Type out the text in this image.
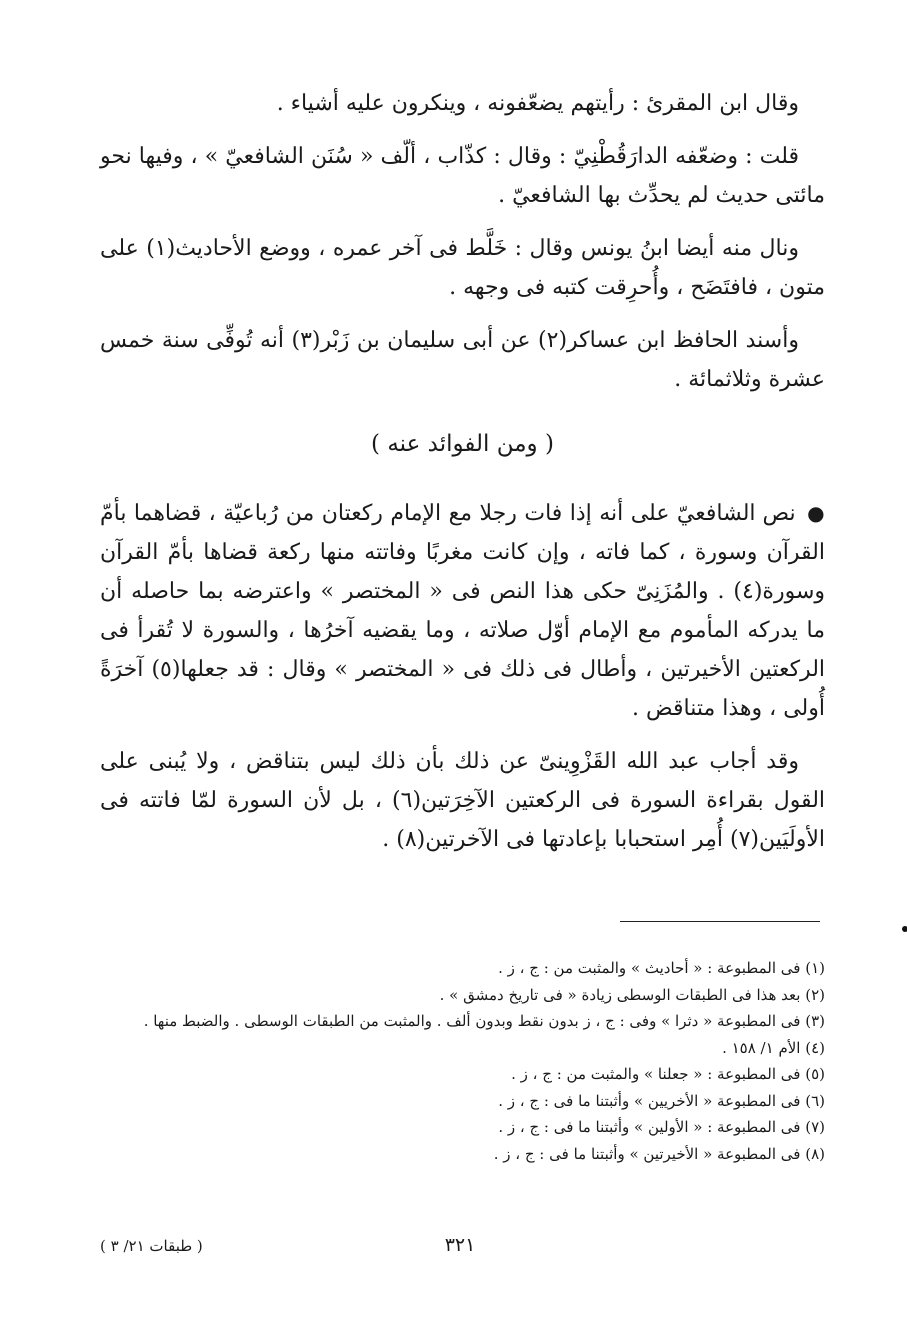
وقال ابن المقرئ : رأيتهم يضعّفونه ، وينكرون عليه أشياء .

قلت : وضعّفه الدارَقُطْنِيّ : وقال : كذّاب ، ألّف « سُنَن الشافعيّ » ، وفيها نحو مائتى حديث لم يحدِّث بها الشافعيّ .

ونال منه أيضا ابنُ يونس وقال : خَلَّط فى آخر عمره ، ووضع الأحاديث(١) على متون ، فافتَضَح ، وأُحرِقت كتبه فى وجهه .

وأسند الحافظ ابن عساكر(٢) عن أبى سليمان بن زَبْر(٣) أنه تُوفِّى سنة خمس عشرة وثلاثمائة .

( ومن الفوائد عنه )

● نص الشافعيّ على أنه إذا فات رجلا مع الإمام ركعتان من رُباعيّة ، قضاهما بأمّ القرآن وسورة ، كما فاته ، وإن كانت مغربًا وفاتته منها ركعة قضاها بأمّ القرآن وسورة(٤) . والمُزَنِىّ حكى هذا النص فى « المختصر » واعترضه بما حاصله أن ما يدركه المأموم مع الإمام أوّل صلاته ، وما يقضيه آخرُها ، والسورة لا تُقرأ فى الركعتين الأخيرتين ، وأطال فى ذلك فى « المختصر » وقال : قد جعلها(٥) آخرَةً أُولى ، وهذا متناقض .

وقد أجاب عبد الله القَزْوِينىّ عن ذلك بأن ذلك ليس بتناقض ، ولا يُبنى على القول بقراءة السورة فى الركعتين الآخِرَتين(٦) ، بل لأن السورة لمّا فاتته فى الأولَيَين(٧) أُمِر استحبابا بإعادتها فى الآخرتين(٨) .

(١) فى المطبوعة : « أحاديث » والمثبت من : ج ، ز .

(٢) بعد هذا فى الطبقات الوسطى زيادة « فى تاريخ دمشق » .

(٣) فى المطبوعة « دثرا » وفى : ج ، ز بدون نقط وبدون ألف . والمثبت من الطبقات الوسطى . والضبط منها .

(٤) الأم ١/ ١٥٨ .

(٥) فى المطبوعة : « جعلنا » والمثبت من : ج ، ز .

(٦) فى المطبوعة « الأخريين » وأثبتنا ما فى : ج ، ز .

(٧) فى المطبوعة : « الأولين » وأثبتنا ما فى : ج ، ز .

(٨) فى المطبوعة « الأخيرتين » وأثبتنا ما فى : ج ، ز .

٣٢١
( طبقات ٢١/ ٣ )
